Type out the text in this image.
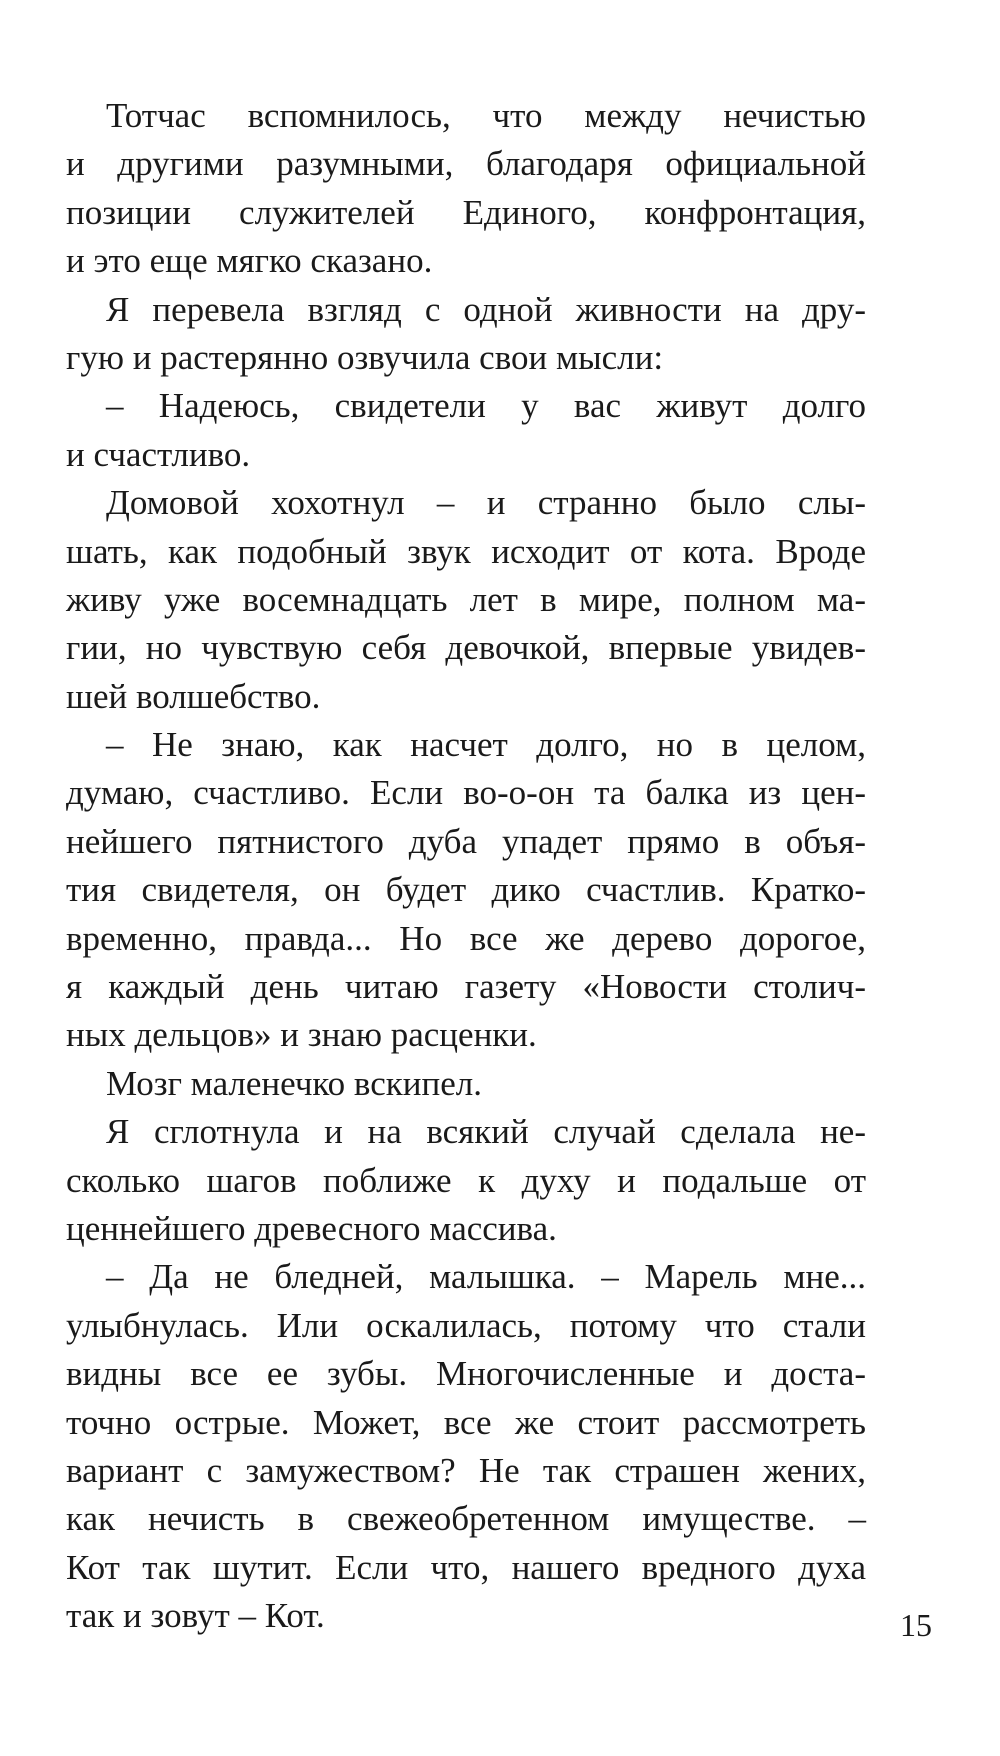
Тотчас вспомнилось, что между нечистью
и другими разумными, благодаря официальной
позиции служителей Единого, конфронтация,
и это еще мягко сказано.
Я перевела взгляд с одной живности на дру-
гую и растерянно озвучила свои мысли:
– Надеюсь, свидетели у вас живут долго
и счастливо.
Домовой хохотнул – и странно было слы-
шать, как подобный звук исходит от кота. Вроде
живу уже восемнадцать лет в мире, полном ма-
гии, но чувствую себя девочкой, впервые увидев-
шей волшебство.
– Не знаю, как насчет долго, но в целом,
думаю, счастливо. Если во-о-он та балка из цен-
нейшего пятнистого дуба упадет прямо в объя-
тия свидетеля, он будет дико счастлив. Кратко-
временно, правда... Но все же дерево дорогое,
я каждый день читаю газету «Новости столич-
ных дельцов» и знаю расценки.
Мозг маленечко вскипел.
Я сглотнула и на всякий случай сделала не-
сколько шагов поближе к духу и подальше от
ценнейшего древесного массива.
– Да не бледней, малышка. – Марель мне...
улыбнулась. Или оскалилась, потому что стали
видны все ее зубы. Многочисленные и доста-
точно острые. Может, все же стоит рассмотреть
вариант с замужеством? Не так страшен жених,
как нечисть в свежеобретенном имуществе. –
Кот так шутит. Если что, нашего вредного духа
так и зовут – Кот.	15
